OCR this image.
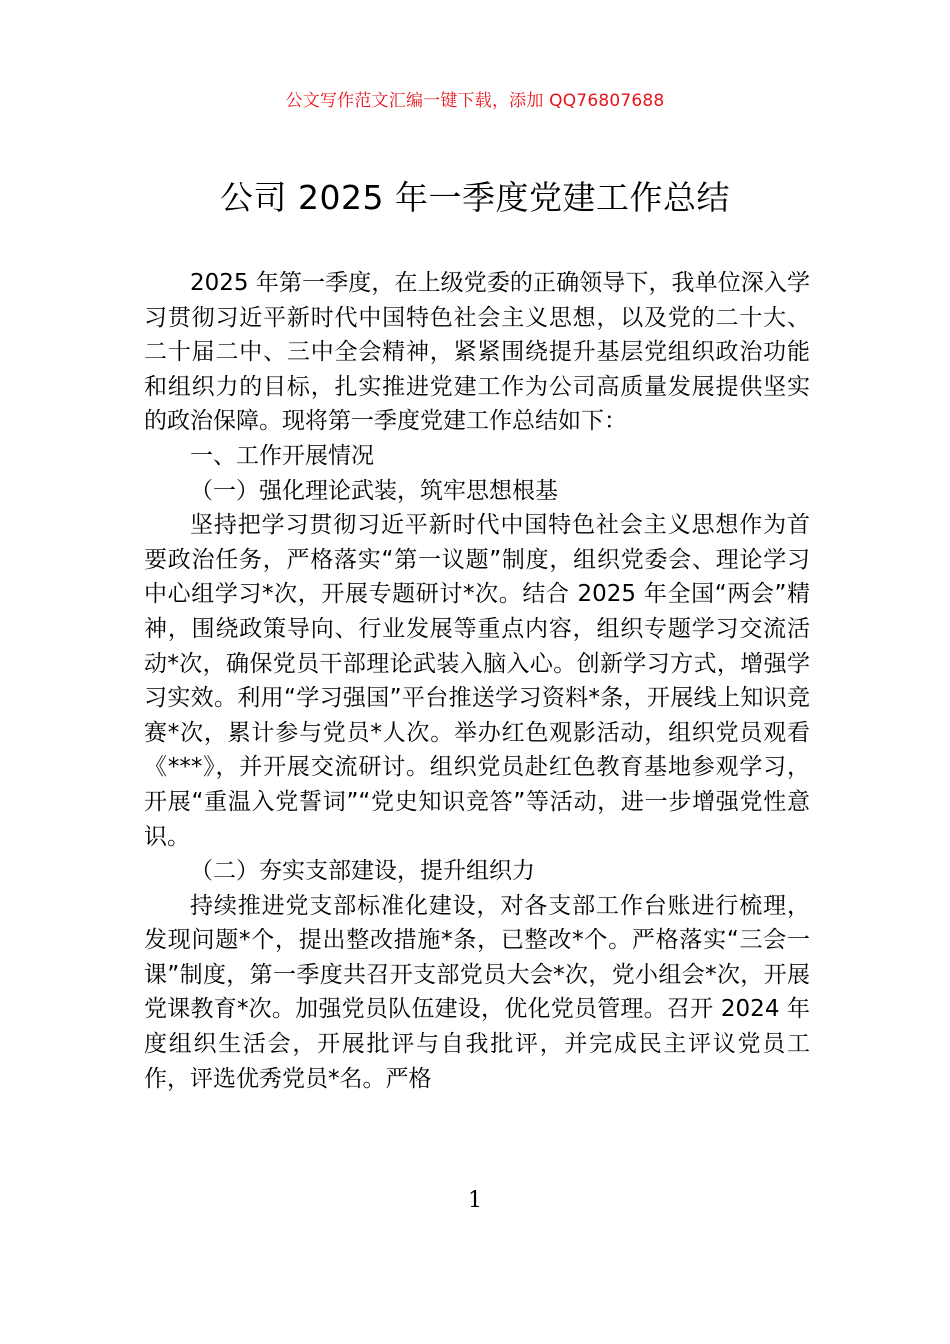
公文写作范文汇编一键下载，添加 QQ76807688
公司 2025 年一季度党建工作总结

2025 年第一季度，在上级党委的正确领导下，我单位深入学习贯彻习近平新时代中国特色社会主义思想，以及党的二十大、二十届二中、三中全会精神，紧紧围绕提升基层党组织政治功能和组织力的目标，扎实推进党建工作为公司高质量发展提供坚实的政治保障。现将第一季度党建工作总结如下：

一、工作开展情况

（一）强化理论武装，筑牢思想根基

坚持把学习贯彻习近平新时代中国特色社会主义思想作为首要政治任务，严格落实“第一议题”制度，组织党委会、理论学习中心组学习*次，开展专题研讨*次。结合 2025 年全国“两会”精神，围绕政策导向、行业发展等重点内容，组织专题学习交流活动*次，确保党员干部理论武装入脑入心。创新学习方式，增强学习实效。利用“学习强国”平台推送学习资料*条，开展线上知识竞赛*次，累计参与党员*人次。举办红色观影活动，组织党员观看《***》，并开展交流研讨。组织党员赴红色教育基地参观学习，开展“重温入党誓词”“党史知识竞答”等活动，进一步增强党性意识。

（二）夯实支部建设，提升组织力

持续推进党支部标准化建设，对各支部工作台账进行梳理，发现问题*个，提出整改措施*条，已整改*个。严格落实“三会一课”制度，第一季度共召开支部党员大会*次，党小组会*次，开展党课教育*次。加强党员队伍建设，优化党员管理。召开 2024 年度组织生活会，开展批评与自我批评，并完成民主评议党员工作，评选优秀党员*名。严格

1
